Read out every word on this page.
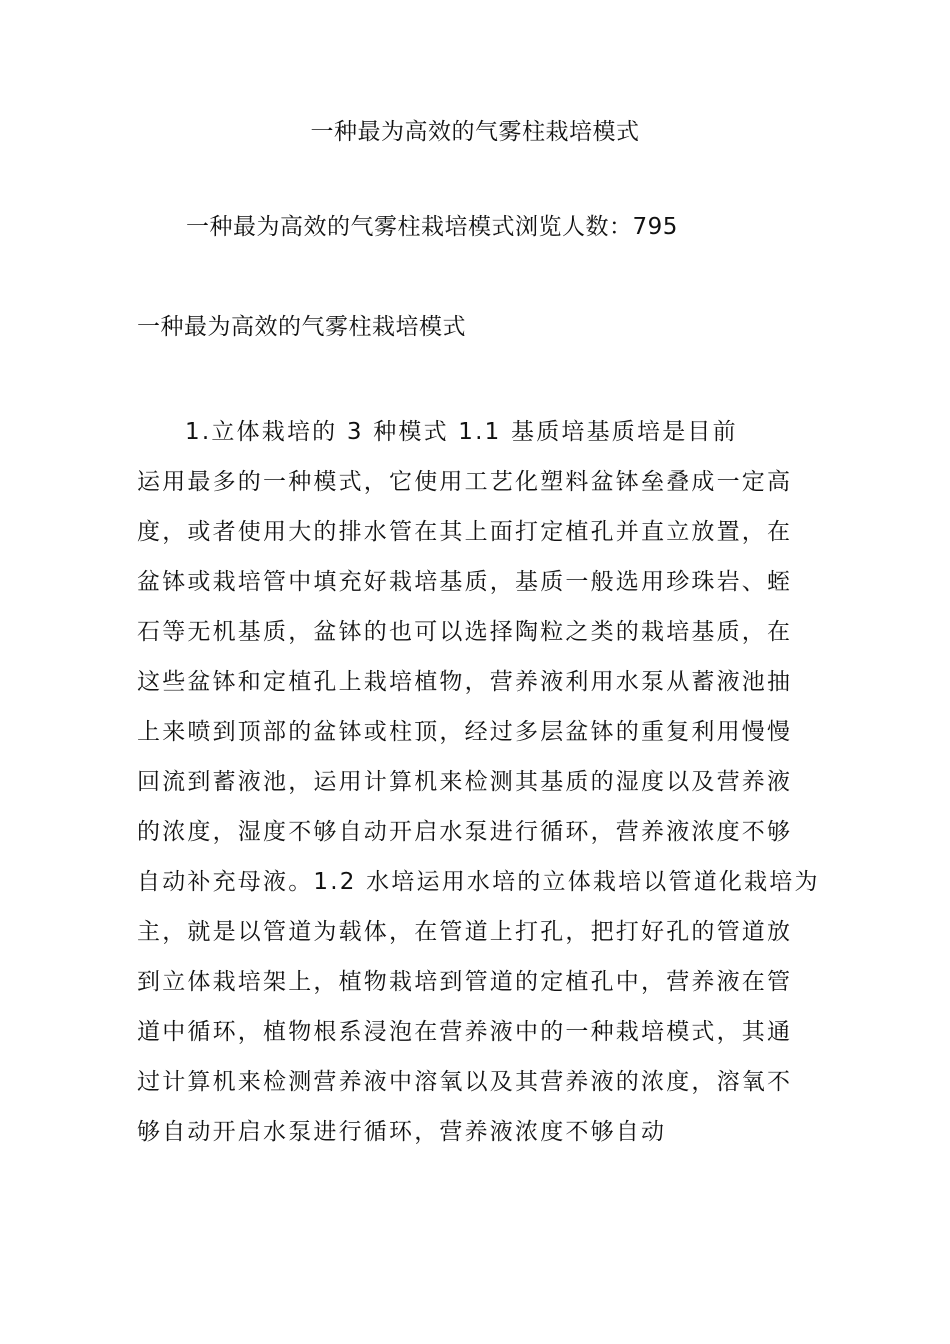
一种最为高效的气雾柱栽培模式

一种最为高效的气雾柱栽培模式浏览人数：795

一种最为高效的气雾柱栽培模式
1.立体栽培的 3 种模式 1.1 基质培基质培是目前
运用最多的一种模式，它使用工艺化塑料盆钵垒叠成一定高
度，或者使用大的排水管在其上面打定植孔并直立放置，在
盆钵或栽培管中填充好栽培基质，基质一般选用珍珠岩、蛭
石等无机基质，盆钵的也可以选择陶粒之类的栽培基质，在
这些盆钵和定植孔上栽培植物，营养液利用水泵从蓄液池抽
上来喷到顶部的盆钵或柱顶，经过多层盆钵的重复利用慢慢
回流到蓄液池，运用计算机来检测其基质的湿度以及营养液
的浓度，湿度不够自动开启水泵进行循环，营养液浓度不够
自动补充母液。1.2 水培运用水培的立体栽培以管道化栽培为
主，就是以管道为载体，在管道上打孔，把打好孔的管道放
到立体栽培架上，植物栽培到管道的定植孔中，营养液在管
道中循环，植物根系浸泡在营养液中的一种栽培模式，其通
过计算机来检测营养液中溶氧以及其营养液的浓度，溶氧不
够自动开启水泵进行循环，营养液浓度不够自动
